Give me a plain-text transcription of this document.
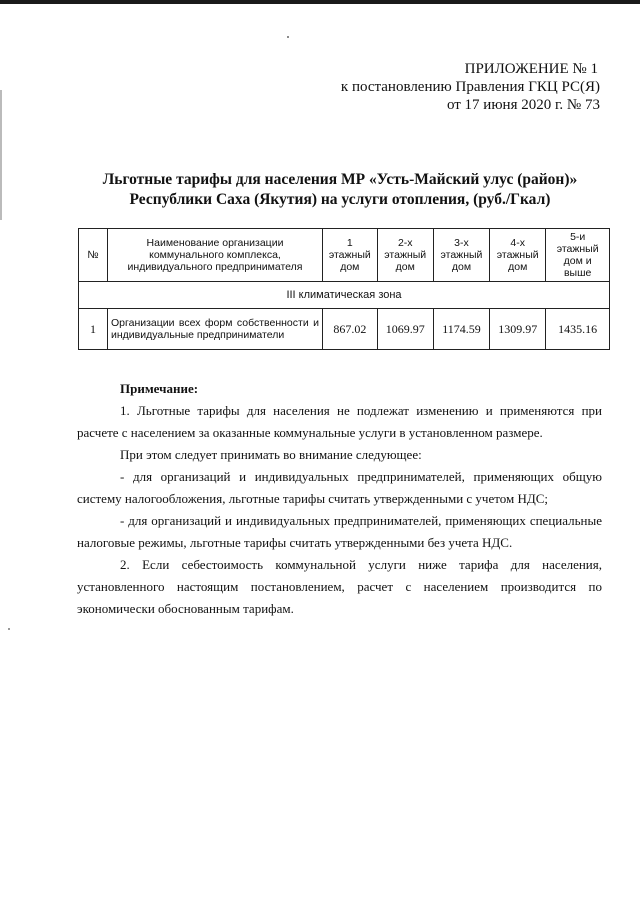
ПРИЛОЖЕНИЕ № 1
к постановлению Правления ГКЦ РС(Я)
от 17 июня 2020 г. № 73
Льготные тарифы для населения МР «Усть-Майский улус (район)»
Республики Саха (Якутия) на услуги отопления, (руб./Гкал)
№	Наименование организации коммунального комплекса, индивидуального предпринимателя	1 этажный дом	2-х этажный дом	3-х этажный дом	4-х этажный дом	5-и этажный дом и выше
III климатическая зона						
1	Организации всех форм собственности и индивидуальные предприниматели	867.02	1069.97	1174.59	1309.97	1435.16

Примечание:

1. Льготные тарифы для населения не подлежат изменению и применяются при расчете с населением за оказанные коммунальные услуги в установленном размере.

При этом следует принимать во внимание следующее:

- для организаций и индивидуальных предпринимателей, применяющих общую систему налогообложения, льготные тарифы считать утвержденными с учетом НДС;

- для организаций и индивидуальных предпринимателей, применяющих специальные налоговые режимы, льготные тарифы считать утвержденными без учета НДС.

2. Если себестоимость коммунальной услуги ниже тарифа для населения, установленного настоящим постановлением, расчет с населением производится по экономически обоснованным тарифам.
